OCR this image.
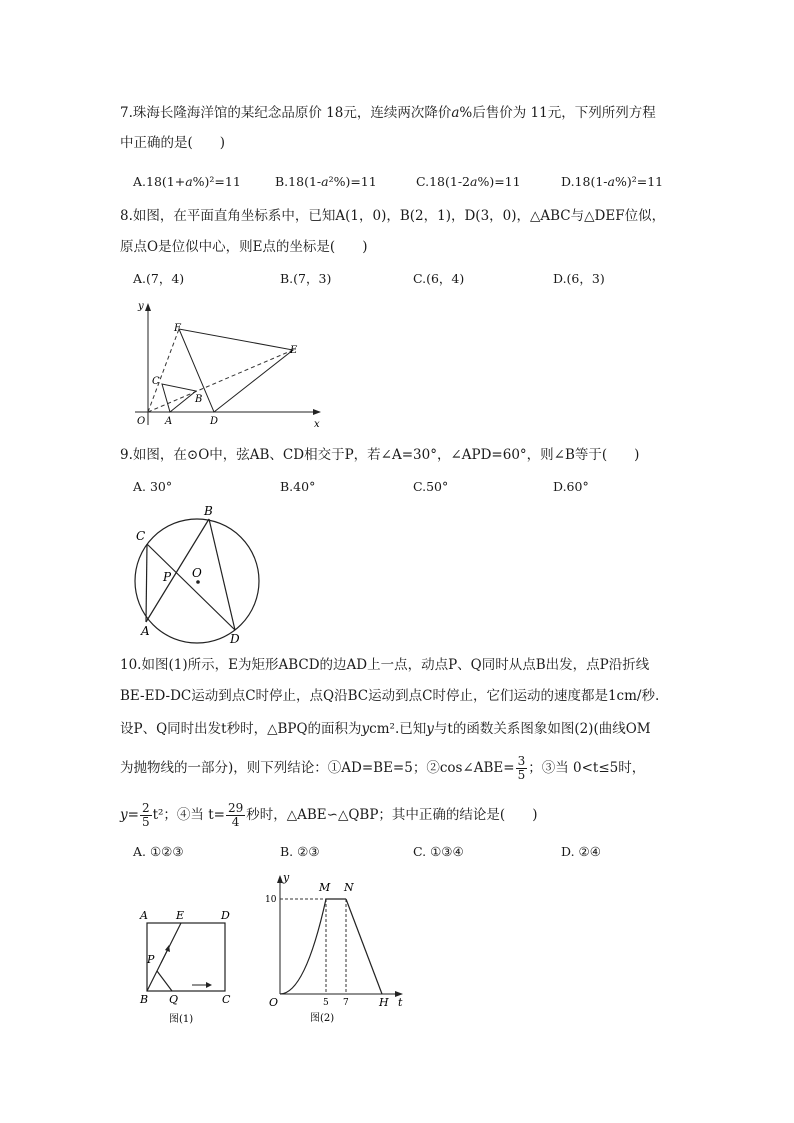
7.珠海长隆海洋馆的某纪念品原价 18元，连续两次降价𝑎%后售价为 11元，下列所列方程
中正确的是(　　)
A.18(1+𝑎%)²=11	B.18(1-𝑎²%)=11	C.18(1-2𝑎%)=11	D.18(1-𝑎%)²=11
8.如图，在平面直角坐标系中，已知A(1，0)，B(2，1)，D(3，0)，△ABC与△DEF位似，
原点O是位似中心，则E点的坐标是(　　)
A.(7，4)	B.(7，3)	C.(6，4)	D.(6，3)
y
x
O A
B
C
D
E
F
9.如图，在⊙O中，弦AB、CD相交于P，若∠A=30°，∠APD=60°，则∠B等于(　　)
A. 30°	B.40°	C.50°	D.60°
C
B
P O
A
D
10.如图(1)所示，E为矩形ABCD的边AD上一点，动点P、Q同时从点B出发，点P沿折线
BE-ED-DC运动到点C时停止，点Q沿BC运动到点C时停止，它们运动的速度都是1cm/秒.
设P、Q同时出发t秒时，△BPQ的面积为ycm².已知y与t的函数关系图象如图(2)(曲线OM
为抛物线的一部分)，则下列结论：①AD=BE=5；②cos∠ABE= $\frac{3}{5}$ ；③当 0<t≤5时，
$y= \frac{2}{5} t^2$；④当 $t= \frac{29}{4}$ 秒时，△ABE∽△QBP；其中正确的结论是(　　)
A. ①②③	B. ②③	C. ①③④	D. ②④
A	E	D
P
B Q	C
图(1)
y
M N
10
O	5 7	H t
图(2)
